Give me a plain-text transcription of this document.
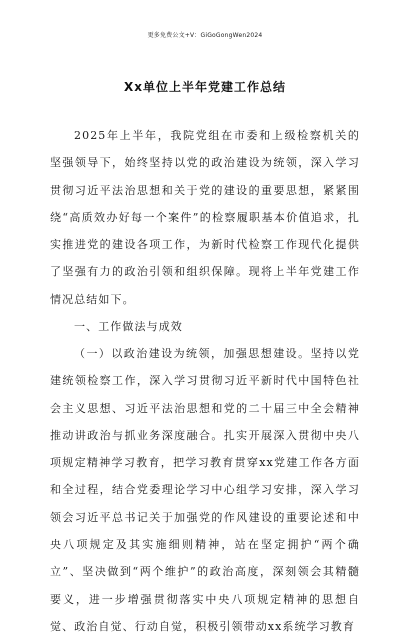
更多免费公文+V：GiGoGongWen2024
Xx单位上半年党建工作总结
2025年上半年，我院党组在市委和上级检察机关的坚强领导下，始终坚持以党的政治建设为统领，深入学习贯彻习近平法治思想和关于党的建设的重要思想，紧紧围绕“高质效办好每一个案件”的检察履职基本价值追求，扎实推进党的建设各项工作，为新时代检察工作现代化提供了坚强有力的政治引领和组织保障。现将上半年党建工作情况总结如下。
一、工作做法与成效
（一）以政治建设为统领，加强思想建设。坚持以党建统领检察工作，深入学习贯彻习近平新时代中国特色社会主义思想、习近平法治思想和党的二十届三中全会精神推动讲政治与抓业务深度融合。扎实开展深入贯彻中央八项规定精神学习教育，把学习教育贯穿xx党建工作各方面和全过程，结合党委理论学习中心组学习安排，深入学习领会习近平总书记关于加强党的作风建设的重要论述和中央八项规定及其实施细则精神，站在坚定拥护“两个确立”、坚决做到“两个维护”的政治高度，深刻领会其精髓要义，进一步增强贯彻落实中央八项规定精神的思想自觉、政治自觉、行动自觉，积极引领带动xx系统学习教育
